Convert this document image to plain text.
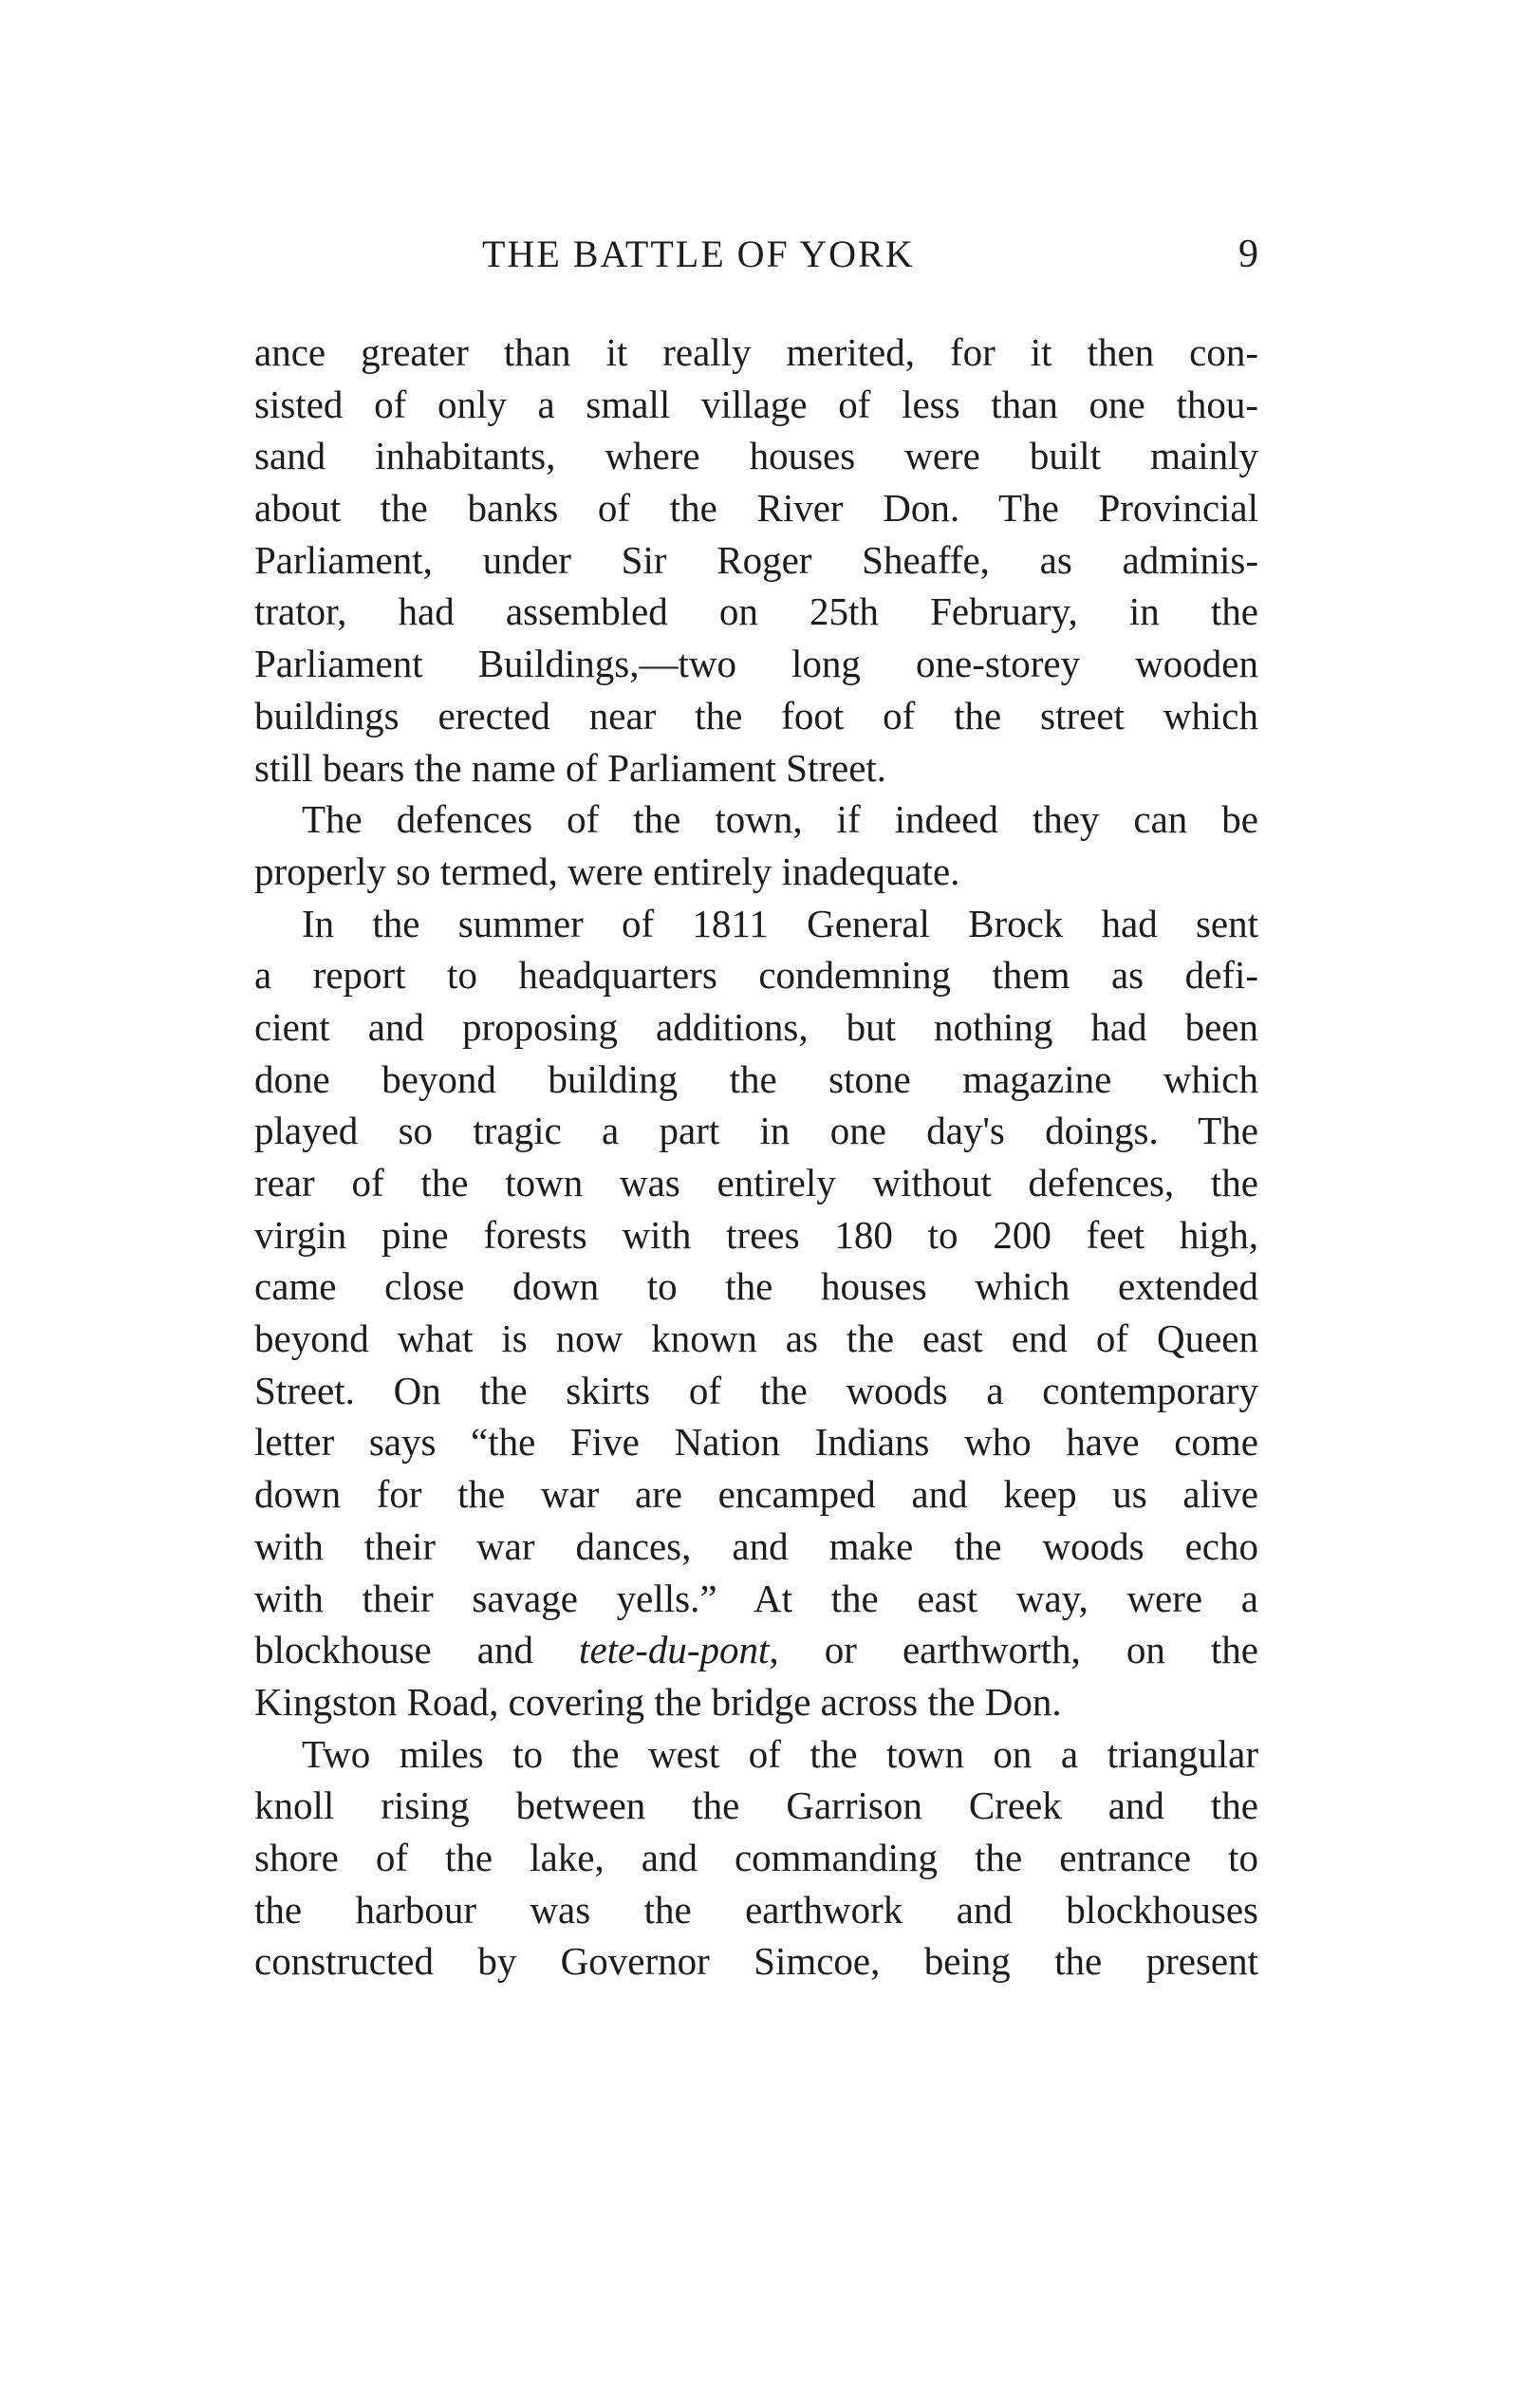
THE BATTLE OF YORK	9
ance greater than it really merited, for it then con-
sisted of only a small village of less than one thou-
sand inhabitants, where houses were built mainly
about the banks of the River Don. The Provincial
Parliament, under Sir Roger Sheaffe, as adminis-
trator, had assembled on 25th February, in the
Parliament Buildings,—two long one-storey wooden
buildings erected near the foot of the street which
still bears the name of Parliament Street.
The defences of the town, if indeed they can be
properly so termed, were entirely inadequate.
In the summer of 1811 General Brock had sent
a report to headquarters condemning them as defi-
cient and proposing additions, but nothing had been
done beyond building the stone magazine which
played so tragic a part in one day's doings. The
rear of the town was entirely without defences, the
virgin pine forests with trees 180 to 200 feet high,
came close down to the houses which extended
beyond what is now known as the east end of Queen
Street. On the skirts of the woods a contemporary
letter says “the Five Nation Indians who have come
down for the war are encamped and keep us alive
with their war dances, and make the woods echo
with their savage yells.” At the east way, were a
blockhouse and tete-du-pont, or earthworth, on the
Kingston Road, covering the bridge across the Don.
Two miles to the west of the town on a triangular
knoll rising between the Garrison Creek and the
shore of the lake, and commanding the entrance to
the harbour was the earthwork and blockhouses
constructed by Governor Simcoe, being the present
